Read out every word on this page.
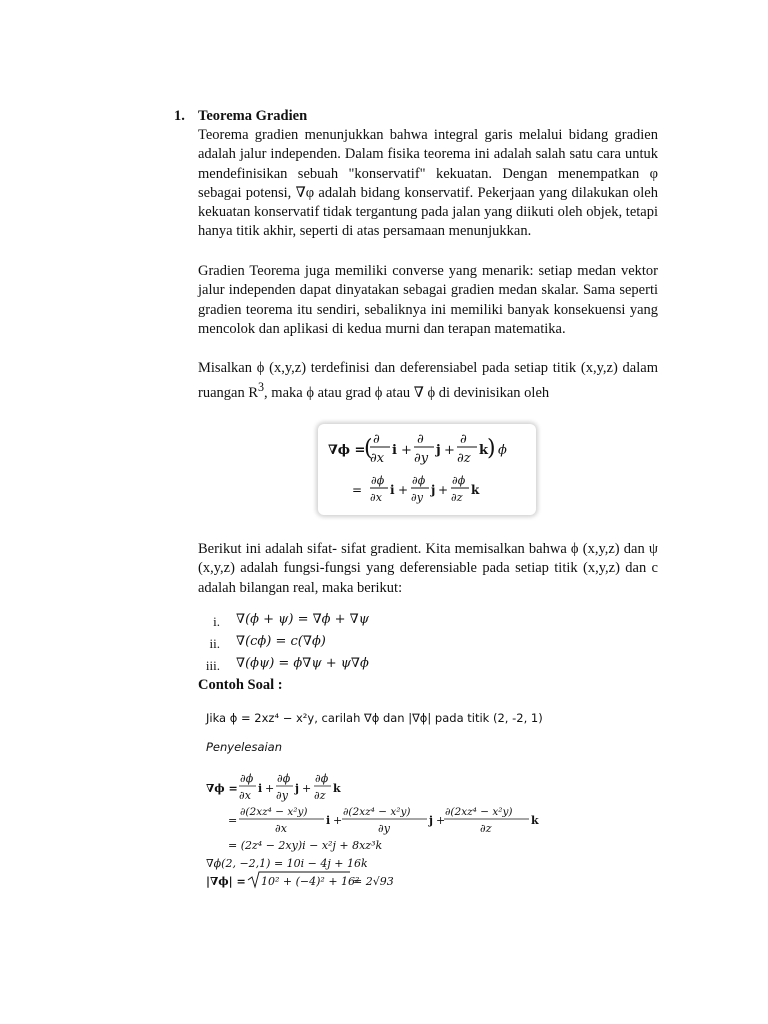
1. Teorema Gradien
Teorema gradien menunjukkan bahwa integral garis melalui bidang gradien adalah jalur independen. Dalam fisika teorema ini adalah salah satu cara untuk mendefinisikan sebuah "konservatif" kekuatan. Dengan menempatkan φ sebagai potensi, ∇φ adalah bidang konservatif. Pekerjaan yang dilakukan oleh kekuatan konservatif tidak tergantung pada jalan yang diikuti oleh objek, tetapi hanya titik akhir, seperti di atas persamaan menunjukkan.
Gradien Teorema juga memiliki converse yang menarik: setiap medan vektor jalur independen dapat dinyatakan sebagai gradien medan skalar. Sama seperti gradien teorema itu sendiri, sebaliknya ini memiliki banyak konsekuensi yang mencolok dan aplikasi di kedua murni dan terapan matematika.
Misalkan ϕ (x,y,z) terdefinisi dan deferensiabel pada setiap titik (x,y,z) dalam ruangan $R^3$, maka ϕ atau grad ϕ atau ∇ ϕ di devinisikan oleh
∇ϕ =
( ∂
∂x
i +
∂
∂y
j +
∂
∂z
k
) ϕ
=
∂ϕ
∂x
i +
∂ϕ
∂y
j +
∂ϕ
∂z
k
Berikut ini adalah sifat- sifat gradient. Kita memisalkan bahwa ϕ (x,y,z) dan ψ (x,y,z) adalah fungsi-fungsi yang deferensiable pada setiap titik (x,y,z) dan c adalah bilangan real, maka berikut:
i. ∇(ϕ + ψ) = ∇ϕ + ∇ψ
ii. ∇(cϕ) = c(∇ϕ)
iii. ∇(ϕψ) = ϕ∇ψ + ψ∇ϕ
Contoh Soal :
Jika ϕ = 2xz⁴ − x²y, carilah ∇ϕ dan |∇ϕ| pada titik (2, -2, 1)
Penyelesaian
∇ϕ =
∂ϕ
∂x
i +
∂ϕ
∂y
j +
∂ϕ
∂z
k
=
∂(2xz⁴ − x²y)
∂x
i +
∂(2xz⁴ − x²y)
∂y
j +
∂(2xz⁴ − x²y)
∂z
k
= (2z⁴ − 2xy)i − x²j + 8xz³k
∇ϕ(2, −2,1) = 10i − 4j + 16k
|∇ϕ| = 10² + (−4)² + 16²
= 2√93
